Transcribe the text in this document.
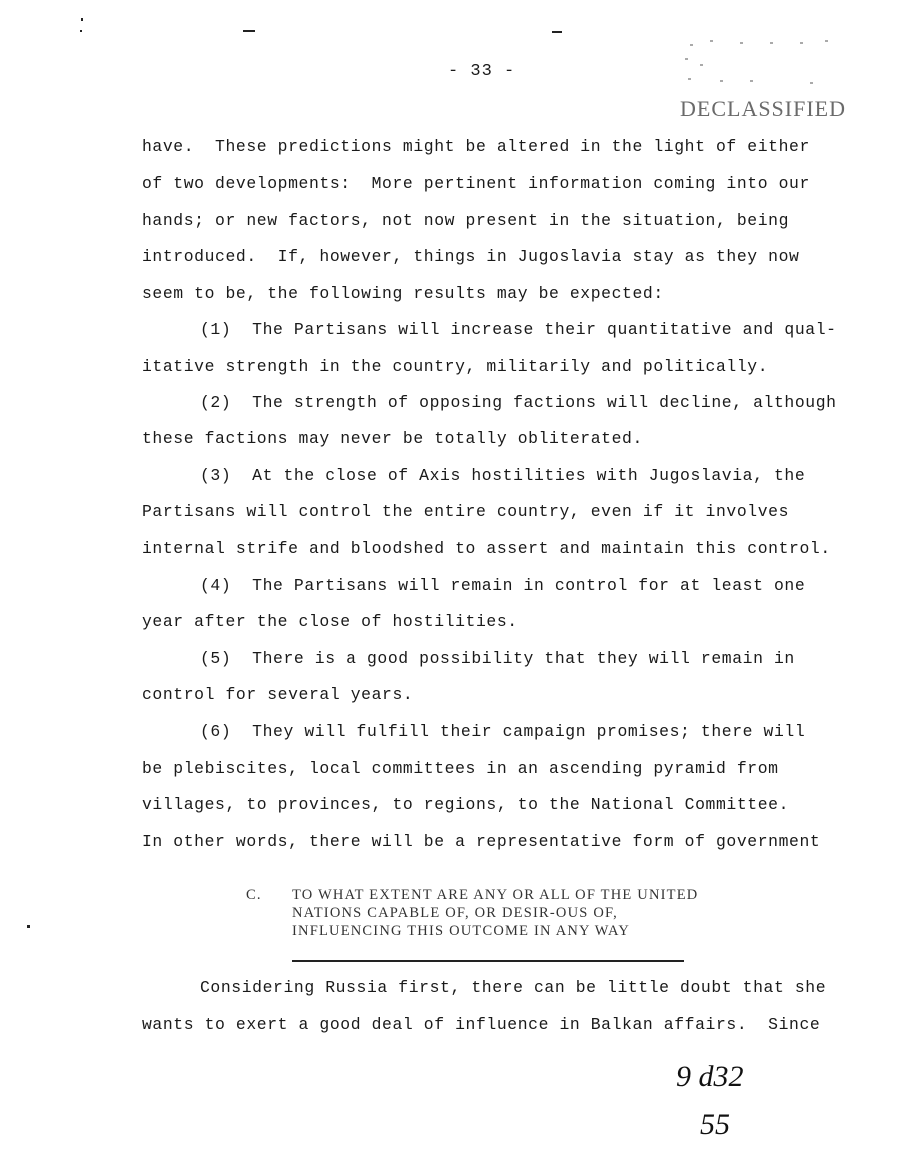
- 33 -
DECLASSIFIED
have.  These predictions might be altered in the light of either
of two developments:  More pertinent information coming into our
hands; or new factors, not now present in the situation, being
introduced.  If, however, things in Jugoslavia stay as they now
seem to be, the following results may be expected:
(1)  The Partisans will increase their quantitative and qual-
itative strength in the country, militarily and politically.
(2)  The strength of opposing factions will decline, although
these factions may never be totally obliterated.
(3)  At the close of Axis hostilities with Jugoslavia, the
Partisans will control the entire country, even if it involves
internal strife and bloodshed to assert and maintain this control.
(4)  The Partisans will remain in control for at least one
year after the close of hostilities.
(5)  There is a good possibility that they will remain in
control for several years.
(6)  They will fulfill their campaign promises; there will
be plebiscites, local committees in an ascending pyramid from
villages, to provinces, to regions, to the National Committee.
In other words, there will be a representative form of government
C. TO WHAT EXTENT ARE ANY OR ALL OF THE UNITED NATIONS CAPABLE OF, OR DESIR-OUS OF, INFLUENCING THIS OUTCOME IN ANY WAY
Considering Russia first, there can be little doubt that she
wants to exert a good deal of influence in Balkan affairs.  Since
9 d32
55
